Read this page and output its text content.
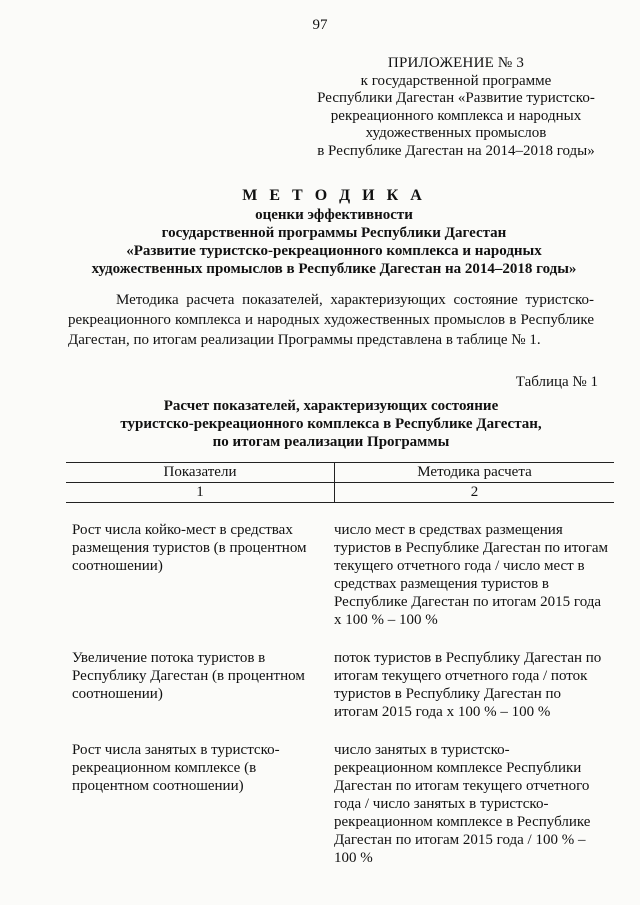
97
ПРИЛОЖЕНИЕ № 3
к государственной программе
Республики Дагестан «Развитие туристско-
рекреационного комплекса и народных
художественных промыслов
в Республике Дагестан на 2014–2018 годы»
М Е Т О Д И К А
оценки эффективности
государственной программы Республики Дагестан
«Развитие туристско-рекреационного комплекса и народных
художественных промыслов в Республике Дагестан на 2014–2018 годы»
Методика расчета показателей, характеризующих состояние туристско-рекреационного комплекса и народных художественных промыслов в Республике Дагестан, по итогам реализации Программы представлена в таблице № 1.
Таблица № 1
Расчет показателей, характеризующих состояние
туристско-рекреационного комплекса в Республике Дагестан,
по итогам реализации Программы
Показатели	Методика расчета
1	2
Рост числа койко-мест в средствах размещения туристов (в процентном соотношении)
число мест в средствах размещения туристов в Республике Дагестан по итогам текущего отчетного года / число мест в средствах размещения туристов в Республике Дагестан по итогам 2015 года х 100 % – 100 %
Увеличение потока туристов в Республику Дагестан (в процентном соотношении)
поток туристов в Республику Дагестан по итогам текущего отчетного года / поток туристов в Республику Дагестан по итогам 2015 года х 100 % – 100 %
Рост числа занятых в туристско-рекреационном комплексе (в процентном соотношении)
число занятых в туристско-рекреационном комплексе Республики Дагестан по итогам текущего отчетного года / число занятых в туристско-рекреационном комплексе в Республике Дагестан по итогам 2015 года / 100 % – 100 %
